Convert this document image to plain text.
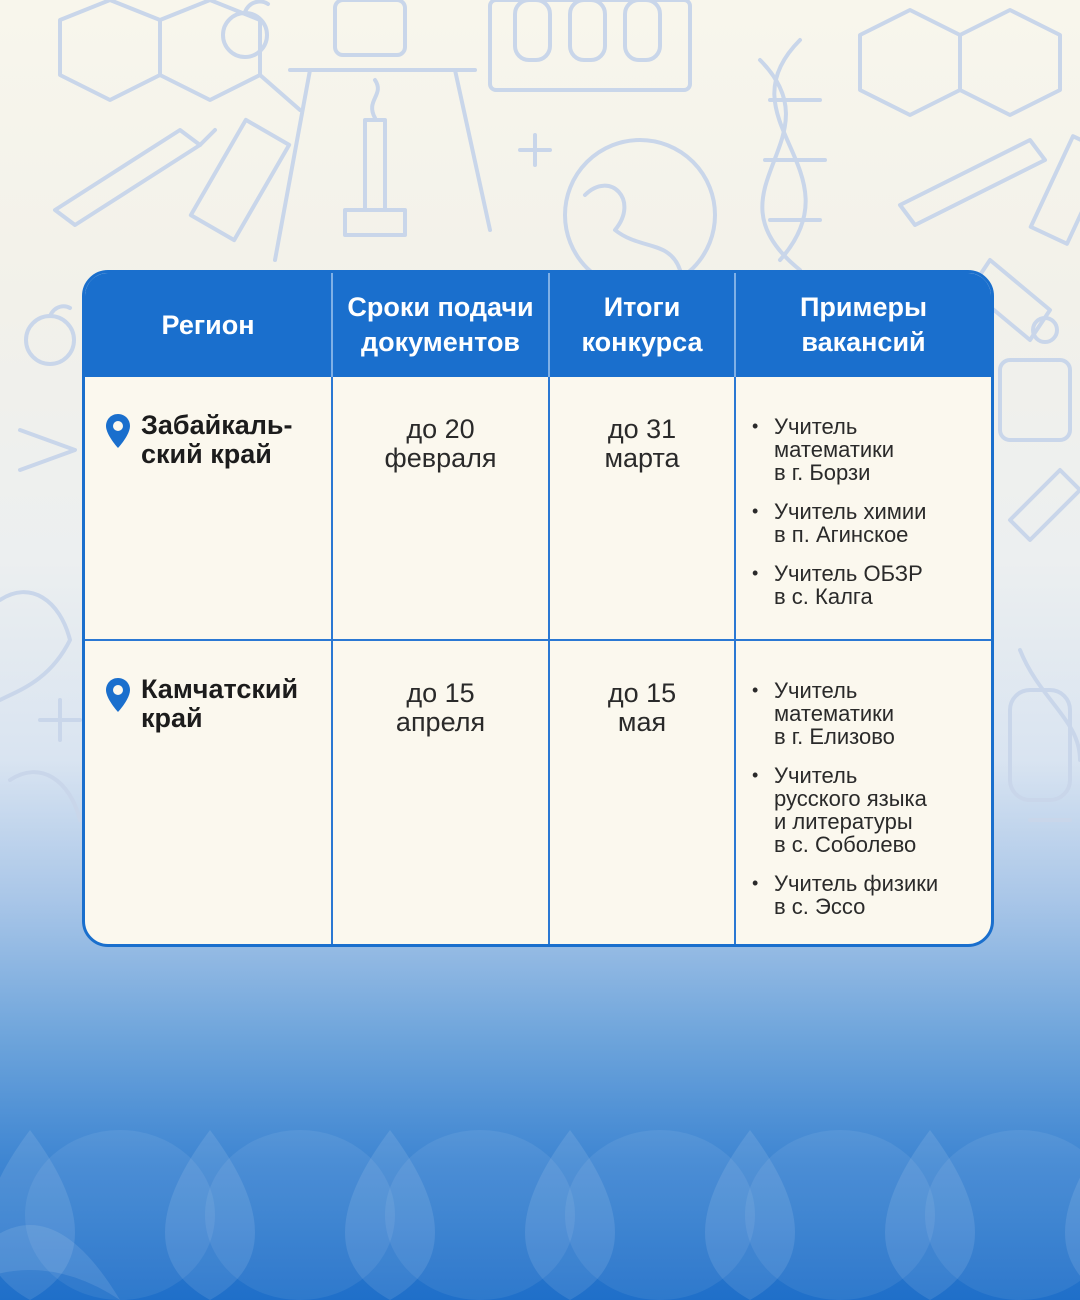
Регион
Сроки подачи
документов
Итоги
конкурса
Примеры
вакансий
Забайкаль-
ский край
до 20
февраля
до 31
марта
• Учитель
математики
в г. Борзи
• Учитель химии
в п. Агинское
• Учитель ОБЗР
в с. Калга
Камчатский
край
до 15
апреля
до 15
мая
• Учитель
математики
в г. Елизово
• Учитель
русского языка
и литературы
в с. Соболево
• Учитель физики
в с. Эссо
